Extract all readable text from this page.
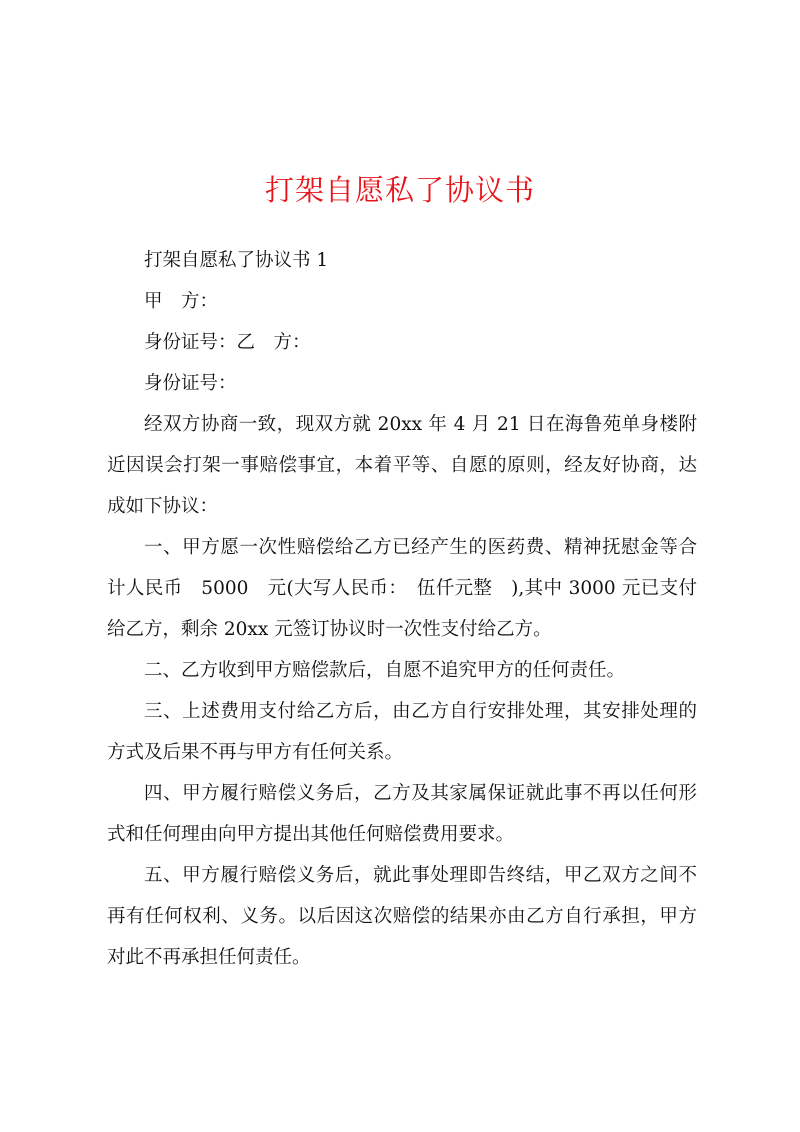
打架自愿私了协议书

打架自愿私了协议书 1

甲　方：

身份证号：乙　方：

身份证号：

经双方协商一致，现双方就 20xx 年 4 月 21 日在海鲁苑单身楼附近因误会打架一事赔偿事宜，本着平等、自愿的原则，经友好协商，达成如下协议：

一、甲方愿一次性赔偿给乙方已经产生的医药费、精神抚慰金等合计人民币　5000　元(大写人民币：　伍仟元整　),其中 3000 元已支付给乙方，剩余 20xx 元签订协议时一次性支付给乙方。

二、乙方收到甲方赔偿款后，自愿不追究甲方的任何责任。

三、上述费用支付给乙方后，由乙方自行安排处理，其安排处理的方式及后果不再与甲方有任何关系。

四、甲方履行赔偿义务后，乙方及其家属保证就此事不再以任何形式和任何理由向甲方提出其他任何赔偿费用要求。

五、甲方履行赔偿义务后，就此事处理即告终结，甲乙双方之间不再有任何权利、义务。以后因这次赔偿的结果亦由乙方自行承担，甲方对此不再承担任何责任。
